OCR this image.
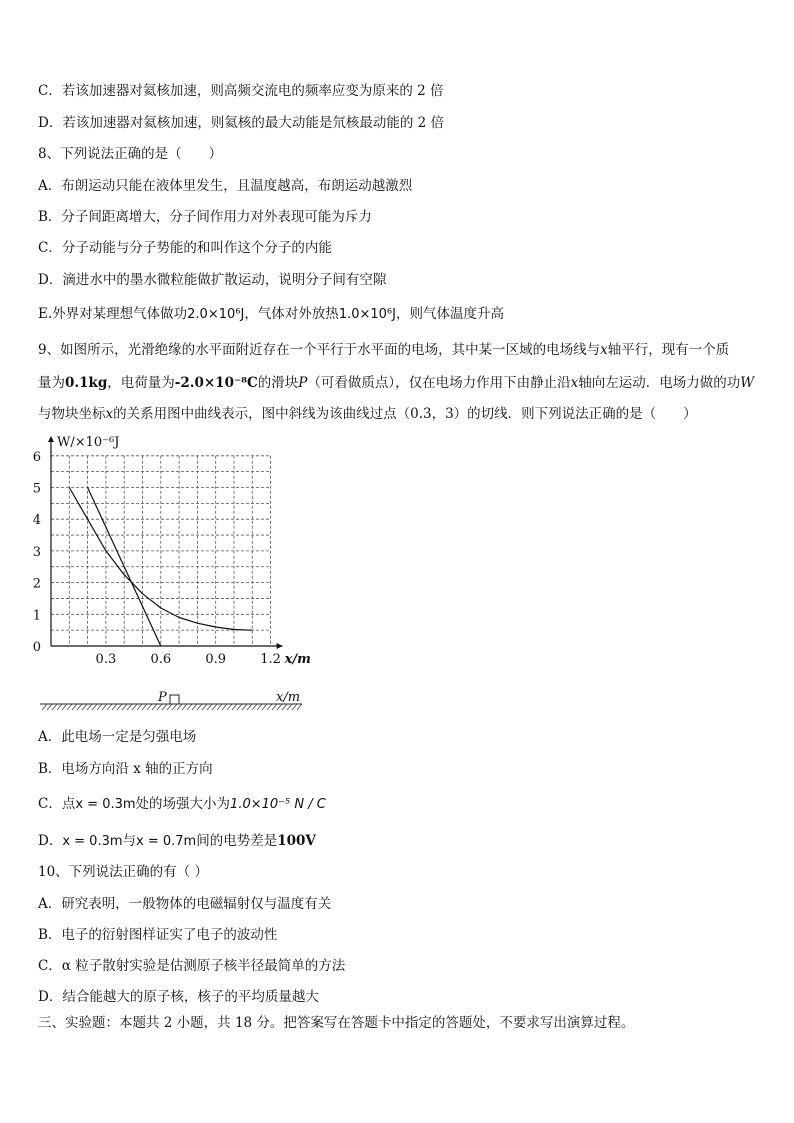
C．若该加速器对氦核加速，则高频交流电的频率应变为原来的 2 倍
D．若该加速器对氦核加速，则氦核的最大动能是氘核最动能的 2 倍
8、下列说法正确的是（　　）
A．布朗运动只能在液体里发生，且温度越高，布朗运动越激烈
B．分子间距离增大，分子间作用力对外表现可能为斥力
C．分子动能与分子势能的和叫作这个分子的内能
D．滴进水中的墨水微粒能做扩散运动，说明分子间有空隙
E.外界对某理想气体做功2.0×10⁶J，气体对外放热1.0×10⁶J，则气体温度升高
9、如图所示，光滑绝缘的水平面附近存在一个平行于水平面的电场，其中某一区域的电场线与x轴平行，现有一个质
量为0.1kg，电荷量为-2.0×10⁻⁸C的滑块P（可看做质点），仅在电场力作用下由静止沿x轴向左运动．电场力做的功W
与物块坐标x的关系用图中曲线表示，图中斜线为该曲线过点（0.3，3）的切线．则下列说法正确的是（　　）
0
1
2
3
4
5
6
0.3	0.6	0.9	1.2
W/×10⁻⁶J
x/m
P	x/m
A．此电场一定是匀强电场
B．电场方向沿 x 轴的正方向
C．点x = 0.3m处的场强大小为1.0×10⁻⁵ N / C
D．x = 0.3m与x = 0.7m间的电势差是100V
10、下列说法正确的有（ ）
A．研究表明，一般物体的电磁辐射仅与温度有关
B．电子的衍射图样证实了电子的波动性
C．α 粒子散射实验是估测原子核半径最简单的方法
D．结合能越大的原子核，核子的平均质量越大
三、实验题：本题共 2 小题，共 18 分。把答案写在答题卡中指定的答题处，不要求写出演算过程。
